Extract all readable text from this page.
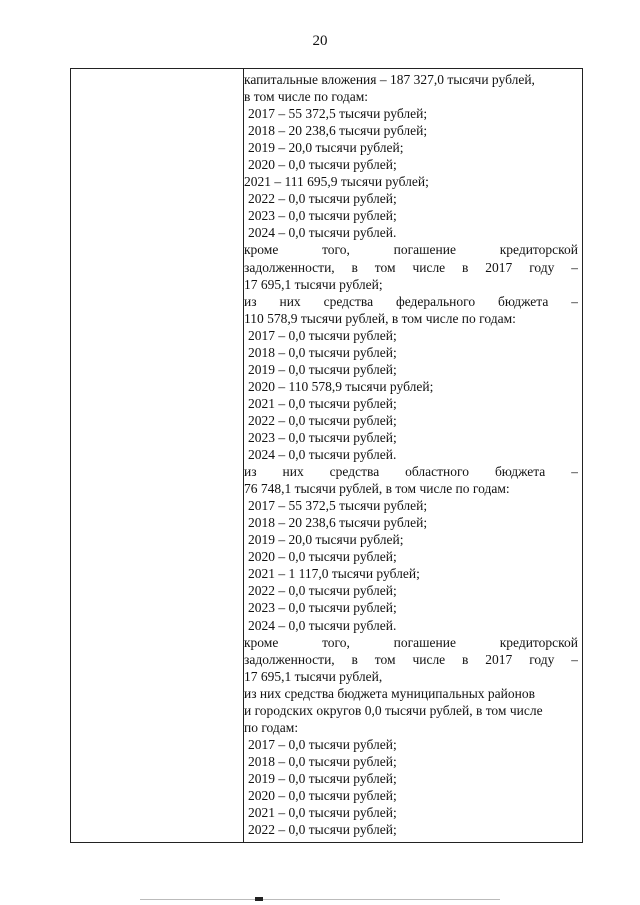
20
капитальные вложения – 187 327,0 тысячи рублей,
в том числе по годам:
2017 – 55 372,5 тысячи рублей;
2018 – 20 238,6 тысячи рублей;
2019 – 20,0 тысячи рублей;
2020 – 0,0 тысячи рублей;
2021 – 111 695,9 тысячи рублей;
2022 – 0,0 тысячи рублей;
2023 – 0,0 тысячи рублей;
2024 – 0,0 тысячи рублей.
кроме того, погашение кредиторской
задолженности, в том числе в 2017 году –
17 695,1 тысячи рублей;
из них средства федерального бюджета –
110 578,9 тысячи рублей, в том числе по годам:
2017 – 0,0 тысячи рублей;
2018 – 0,0 тысячи рублей;
2019 – 0,0 тысячи рублей;
2020 – 110 578,9 тысячи рублей;
2021 – 0,0 тысячи рублей;
2022 – 0,0 тысячи рублей;
2023 – 0,0 тысячи рублей;
2024 – 0,0 тысячи рублей.
из них средства областного бюджета –
76 748,1 тысячи рублей, в том числе по годам:
2017 – 55 372,5 тысячи рублей;
2018 – 20 238,6 тысячи рублей;
2019 – 20,0 тысячи рублей;
2020 – 0,0 тысячи рублей;
2021 – 1 117,0 тысячи рублей;
2022 – 0,0 тысячи рублей;
2023 – 0,0 тысячи рублей;
2024 – 0,0 тысячи рублей.
кроме того, погашение кредиторской
задолженности, в том числе в 2017 году –
17 695,1 тысячи рублей,
из них средства бюджета муниципальных районов
и городских округов 0,0 тысячи рублей, в том числе
по годам:
2017 – 0,0 тысячи рублей;
2018 – 0,0 тысячи рублей;
2019 – 0,0 тысячи рублей;
2020 – 0,0 тысячи рублей;
2021 – 0,0 тысячи рублей;
2022 – 0,0 тысячи рублей;
